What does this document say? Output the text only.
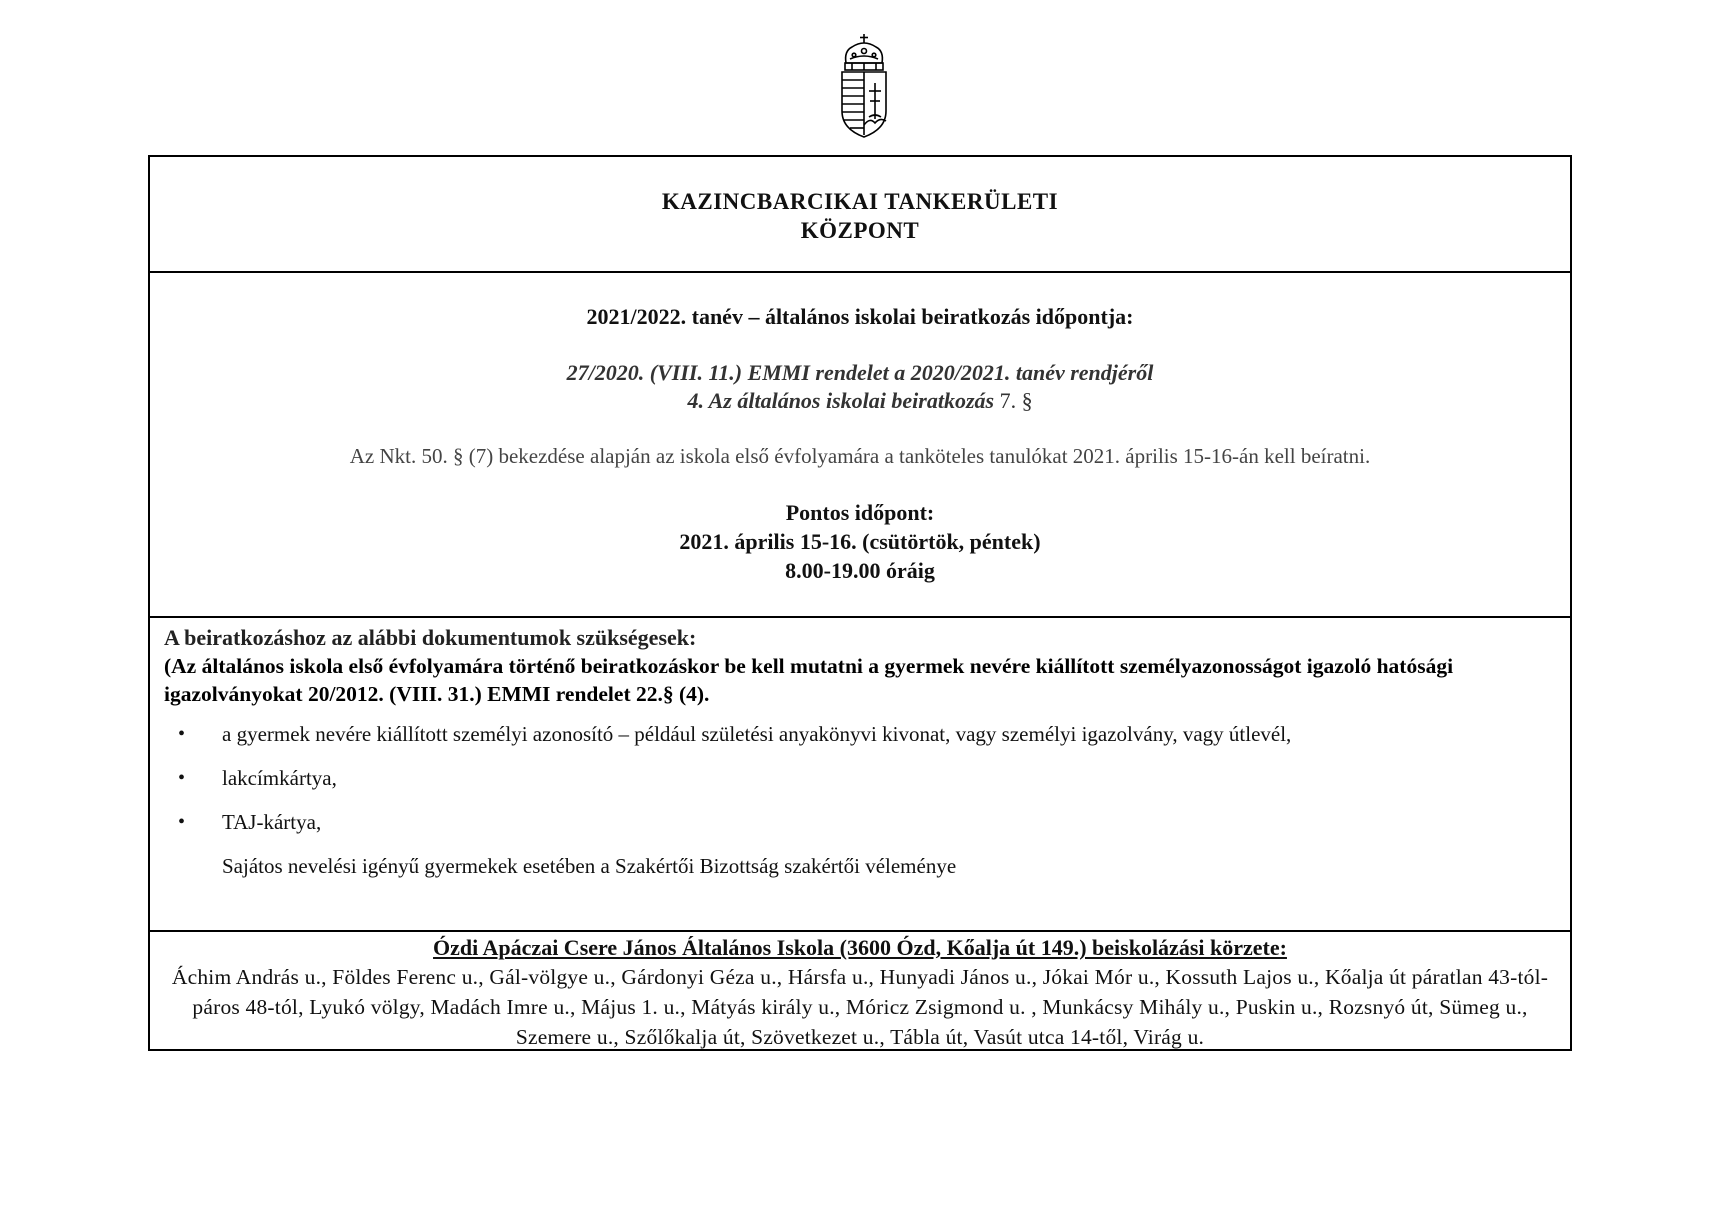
KAZINCBARCIKAI TANKERÜLETI
KÖZPONT
2021/2022. tanév – általános iskolai beiratkozás időpontja:
27/2020. (VIII. 11.) EMMI rendelet a 2020/2021. tanév rendjéről
4. Az általános iskolai beiratkozás 7. §
Az Nkt. 50. § (7) bekezdése alapján az iskola első évfolyamára a tanköteles tanulókat 2021. április 15-16-án kell beíratni.
Pontos időpont:
2021. április 15-16. (csütörtök, péntek)
8.00-19.00 óráig
A beiratkozáshoz az alábbi dokumentumok szükségesek:
(Az általános iskola első évfolyamára történő beiratkozáskor be kell mutatni a gyermek nevére kiállított személyazonosságot igazoló hatósági igazolványokat 20/2012. (VIII. 31.) EMMI rendelet 22.§ (4).
• a gyermek nevére kiállított személyi azonosító – például születési anyakönyvi kivonat, vagy személyi igazolvány, vagy útlevél,
• lakcímkártya,
• TAJ-kártya,
Sajátos nevelési igényű gyermekek esetében a Szakértői Bizottság szakértői véleménye
Ózdi Apáczai Csere János Általános Iskola (3600 Ózd, Kőalja út 149.) beiskolázási körzete:
Áchim András u., Földes Ferenc u., Gál-völgye u., Gárdonyi Géza u., Hársfa u., Hunyadi János u., Jókai Mór u., Kossuth Lajos u., Kőalja út páratlan 43-tól-páros 48-tól, Lyukó völgy, Madách Imre u., Május 1. u., Mátyás király u., Móricz Zsigmond u. , Munkácsy Mihály u., Puskin u., Rozsnyó út, Sümeg u., Szemere u., Szőlőkalja út, Szövetkezet u., Tábla út, Vasút utca 14-től, Virág u.
